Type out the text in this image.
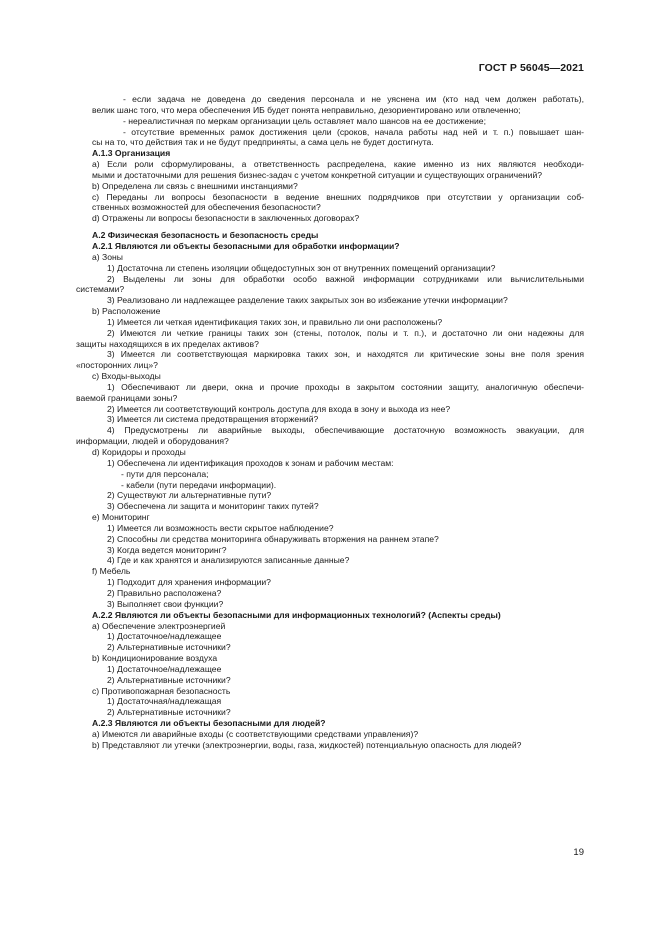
ГОСТ Р 56045—2021
- если задача не доведена до сведения персонала и не уяснена им (кто над чем должен работать),
велик шанс того, что мера обеспечения ИБ будет понята неправильно, дезориентировано или отвлеченно;
- нереалистичная по меркам организации цель оставляет мало шансов на ее достижение;
- отсутствие временных рамок достижения цели (сроков, начала работы над ней и т. п.) повышает шан-
сы на то, что действия так и не будут предприняты, а сама цель не будет достигнута.
А.1.3 Организация
a) Если роли сформулированы, а ответственность распределена, какие именно из них являются необходи-
мыми и достаточными для решения бизнес-задач с учетом конкретной ситуации и существующих ограничений?
b) Определена ли связь с внешними инстанциями?
c) Переданы ли вопросы безопасности в ведение внешних подрядчиков при отсутствии у организации соб-
ственных возможностей для обеспечения безопасности?
d) Отражены ли вопросы безопасности в заключенных договорах?
А.2 Физическая безопасность и безопасность среды
А.2.1 Являются ли объекты безопасными для обработки информации?
a) Зоны
1) Достаточна ли степень изоляции общедоступных зон от внутренних помещений организации?
2) Выделены ли зоны для обработки особо важной информации сотрудниками или вычислительными
системами?
3) Реализовано ли надлежащее разделение таких закрытых зон во избежание утечки информации?
b) Расположение
1) Имеется ли четкая идентификация таких зон, и правильно ли они расположены?
2) Имеются ли четкие границы таких зон (стены, потолок, полы и т. п.), и достаточно ли они надежны для
защиты находящихся в их пределах активов?
3) Имеется ли соответствующая маркировка таких зон, и находятся ли критические зоны вне поля зрения
«посторонних лиц»?
c) Входы-выходы
1) Обеспечивают ли двери, окна и прочие проходы в закрытом состоянии защиту, аналогичную обеспечи-
ваемой границами зоны?
2) Имеется ли соответствующий контроль доступа для входа в зону и выхода из нее?
3) Имеется ли система предотвращения вторжений?
4) Предусмотрены ли аварийные выходы, обеспечивающие достаточную возможность эвакуации, для
информации, людей и оборудования?
d) Коридоры и проходы
1) Обеспечена ли идентификация проходов к зонам и рабочим местам:
- пути для персонала;
- кабели (пути передачи информации).
2) Существуют ли альтернативные пути?
3) Обеспечена ли защита и мониторинг таких путей?
e) Мониторинг
1) Имеется ли возможность вести скрытое наблюдение?
2) Способны ли средства мониторинга обнаруживать вторжения на раннем этапе?
3) Когда ведется мониторинг?
4) Где и как хранятся и анализируются записанные данные?
f) Мебель
1) Подходит для хранения информации?
2) Правильно расположена?
3) Выполняет свои функции?
А.2.2 Являются ли объекты безопасными для информационных технологий? (Аспекты среды)
a) Обеспечение электроэнергией
1) Достаточное/надлежащее
2) Альтернативные источники?
b) Кондиционирование воздуха
1) Достаточное/надлежащее
2) Альтернативные источники?
c) Противопожарная безопасность
1) Достаточная/надлежащая
2) Альтернативные источники?
А.2.3 Являются ли объекты безопасными для людей?
a) Имеются ли аварийные входы (с соответствующими средствами управления)?
b) Представляют ли утечки (электроэнергии, воды, газа, жидкостей) потенциальную опасность для людей?
19
